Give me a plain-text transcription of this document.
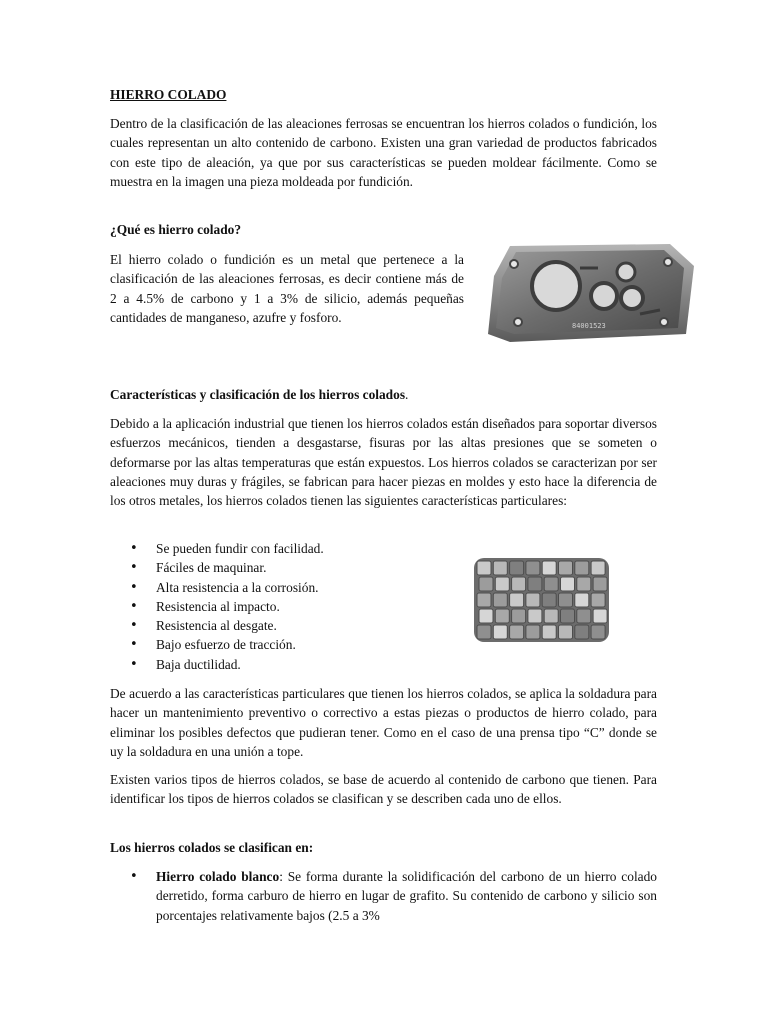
HIERRO COLADO

Dentro de la clasificación de las aleaciones ferrosas se encuentran los hierros colados o fundición, los cuales representan un alto contenido de carbono. Existen una gran variedad de productos fabricados con este tipo de aleación, ya que por sus características se pueden moldear fácilmente. Como se muestra en la imagen una pieza moldeada por fundición.

¿Qué es hierro colado?

El hierro colado o fundición es un metal que pertenece a la clasificación de las aleaciones ferrosas, es decir contiene más de 2 a 4.5% de carbono y 1 a 3% de silicio, además pequeñas cantidades de manganeso, azufre y fosforo.

84001523

Características y clasificación de los hierros colados.

Debido a la aplicación industrial que tienen los hierros colados están diseñados para soportar diversos esfuerzos mecánicos, tienden a desgastarse, fisuras por las altas presiones que se someten o deformarse por las altas temperaturas que están expuestos. Los hierros colados se caracterizan por ser aleaciones muy duras y frágiles, se fabrican para hacer piezas en moldes y esto hace la diferencia de los otros metales, los hierros colados tienen las siguientes características particulares:

• Se pueden fundir con facilidad.
• Fáciles de maquinar.
• Alta resistencia a la corrosión.
• Resistencia al impacto.
• Resistencia al desgate.
• Bajo esfuerzo de tracción.
• Baja ductilidad.

De acuerdo a las características particulares que tienen los hierros colados, se aplica la soldadura para hacer un mantenimiento preventivo o correctivo a estas piezas o productos de hierro colado, para eliminar los posibles defectos que pudieran tener. Como en el caso de una prensa tipo “C” donde se uy la soldadura en una unión a tope.

Existen varios tipos de hierros colados, se base de acuerdo al contenido de carbono que tienen. Para identificar los tipos de hierros colados se clasifican y se describen cada uno de ellos.

Los hierros colados se clasifican en:

• Hierro colado blanco: Se forma durante la solidificación del carbono de un hierro colado derretido, forma carburo de hierro en lugar de grafito. Su contenido de carbono y silicio son porcentajes relativamente bajos (2.5 a 3%
